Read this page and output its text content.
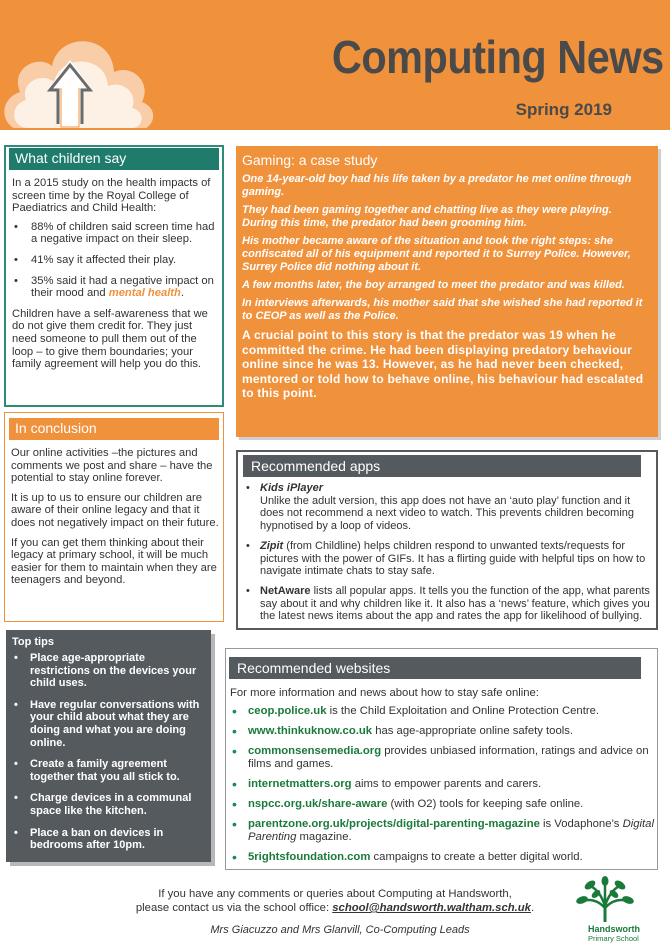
Computing News
Spring 2019

In a 2015 study on the health impacts of screen time by the Royal College of Paediatrics and Child Health:

• 88% of children said screen time had a negative impact on their sleep.
• 41% say it affected their play.
• 35% said it had a negative impact on their mood and mental health.

Children have a self-awareness that we do not give them credit for. They just need someone to pull them out of the loop – to give them boundaries; your family agreement will help you do this.

What children say

Our online activities –the pictures and comments we post and share – have the potential to stay online forever.

It is up to us to ensure our children are aware of their online legacy and that it does not negatively impact on their future.

If you can get them thinking about their legacy at primary school, it will be much easier for them to maintain when they are teenagers and beyond.

In conclusion
Top tips
• Place age-appropriate restrictions on the devices your child uses.
• Have regular conversations with your child about what they are doing and what you are doing online.
• Create a family agreement together that you all stick to.
• Charge devices in a communal space like the kitchen.
• Place a ban on devices in bedrooms after 10pm.
Gaming: a case study

One 14-year-old boy had his life taken by a predator he met online through gaming.

They had been gaming together and chatting live as they were playing. During this time, the predator had been grooming him.

His mother became aware of the situation and took the right steps: she confiscated all of his equipment and reported it to Surrey Police. However, Surrey Police did nothing about it.

A few months later, the boy arranged to meet the predator and was killed.

In interviews afterwards, his mother said that she wished she had reported it to CEOP as well as the Police.

A crucial point to this story is that the predator was 19 when he committed the crime. He had been displaying predatory behaviour online since he was 13. However, as he had never been checked, mentored or told how to behave online, his behaviour had escalated to this point.

• Kids iPlayer
Unlike the adult version, this app does not have an ‘auto play’ function and it does not recommend a next video to watch. This prevents children becoming hypnotised by a loop of videos.
• Zipit (from Childline) helps children respond to unwanted texts/requests for pictures with the power of GIFs. It has a flirting guide with helpful tips on how to navigate intimate chats to stay safe.
• NetAware lists all popular apps. It tells you the function of the app, what parents say about it and why children like it. It also has a ‘news’ feature, which gives you the latest news items about the app and rates the app for likelihood of bullying.
Recommended apps
For more information and news about how to stay safe online:
• ceop.police.uk is the Child Exploitation and Online Protection Centre.
• www.thinkuknow.co.uk has age-appropriate online safety tools.
• commonsensemedia.org provides unbiased information, ratings and advice on films and games.
• internetmatters.org aims to empower parents and carers.
• nspcc.org.uk/share-aware (with O2) tools for keeping safe online.
• parentzone.org.uk/projects/digital-parenting-magazine is Vodaphone’s Digital Parenting magazine.
• 5rightsfoundation.com campaigns to create a better digital world.
Recommended websites
If you have any comments or queries about Computing at Handsworth,
please contact us via the school office: school@handsworth.waltham.sch.uk.
Mrs Giacuzzo and Mrs Glanvill, Co-Computing Leads	Handsworth
Primary School
